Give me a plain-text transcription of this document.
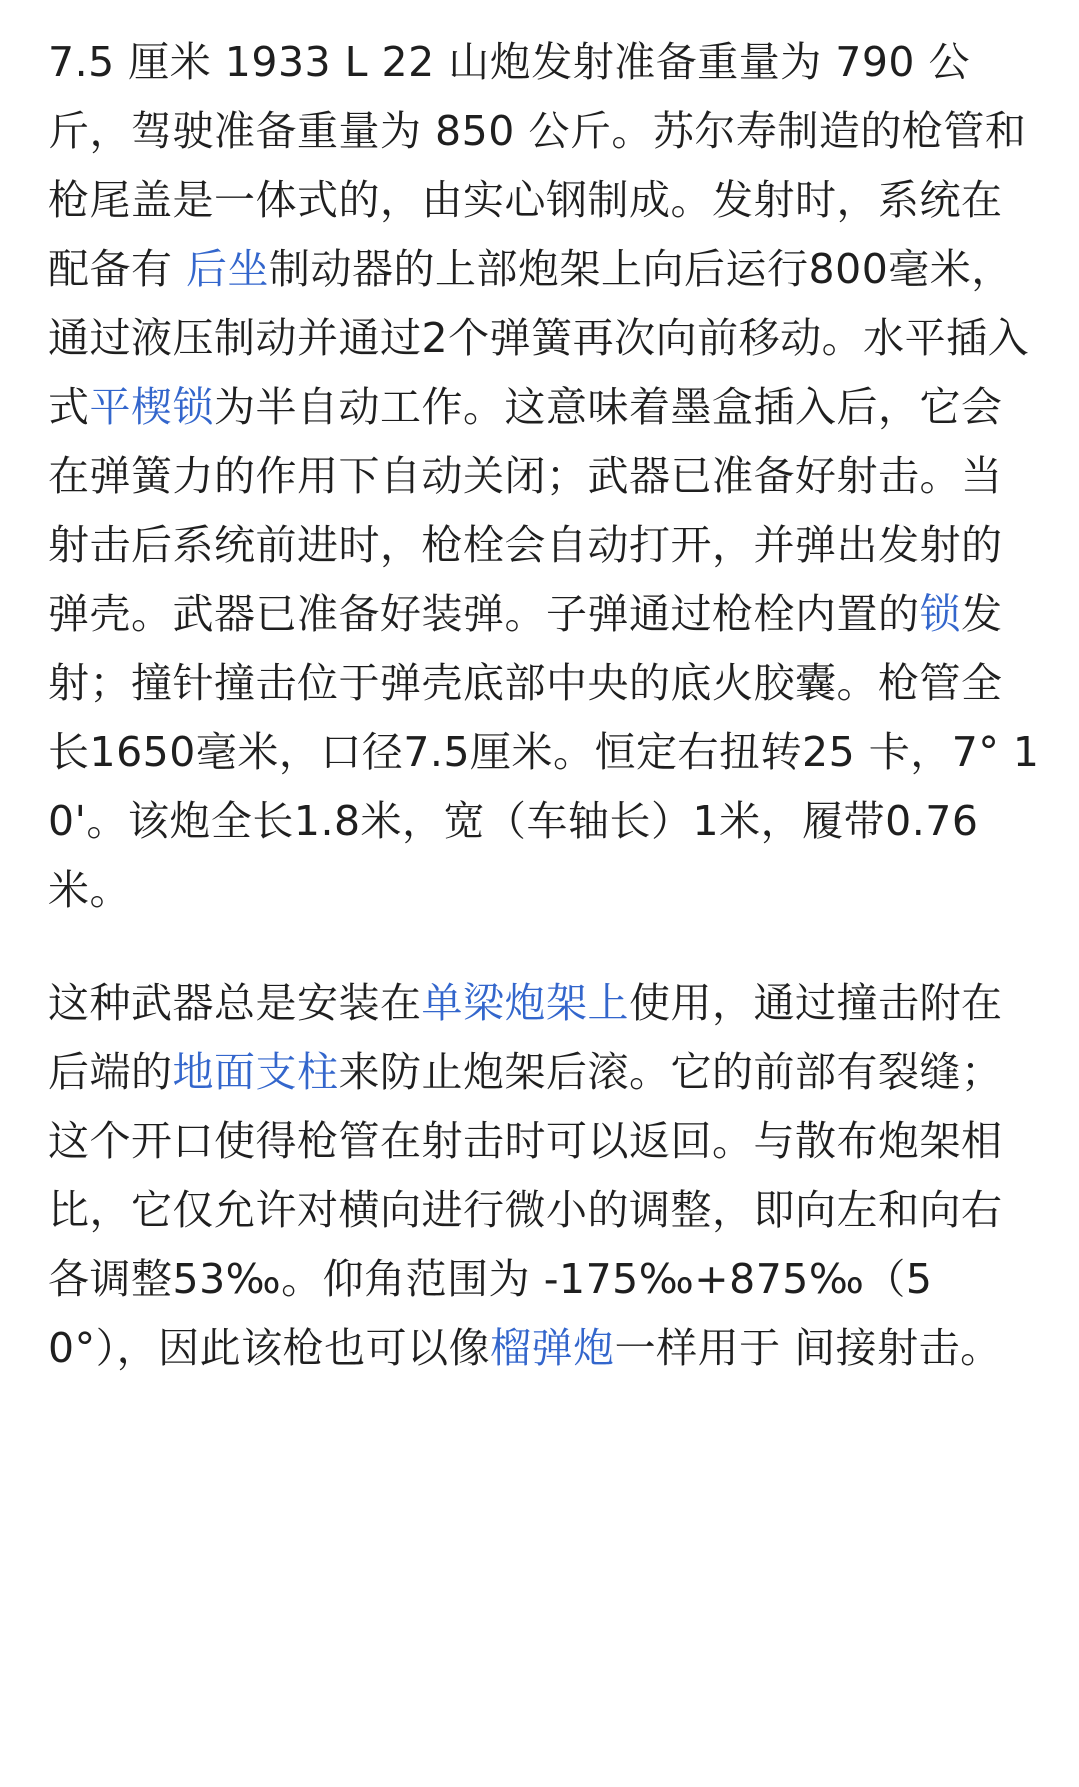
7.5 厘米 1933 L 22 山炮发射准备重量为 790 公斤，驾驶准备重量为 850 公斤。苏尔寿制造的枪管和枪尾盖是一体式的，由实心钢制成。发射时，系统在配备有 后坐制动器的上部炮架上向后运行800毫米，通过液压制动并通过2个弹簧再次向前移动。水平插入式平楔锁为半自动工作。这意味着墨盒插入后，它会在弹簧力的作用下自动关闭；武器已准备好射击。当射击后系统前进时，枪栓会自动打开，并弹出发射的弹壳。武器已准备好装弹。子弹通过枪栓内置的锁发射；撞针撞击位于弹壳底部中央的底火胶囊。枪管全长1650毫米，口径7.5厘米。恒定右扭转25 卡，7° 10'。该炮全长1.8米，宽（车轴长）1米，履带0.76米。

这种武器总是安装在单梁炮架上使用，通过撞击附在后端的地面支柱来防止炮架后滚。它的前部有裂缝；这个开口使得枪管在射击时可以返回。与散布炮架相比，它仅允许对横向进行微小的调整，即向左和向右各调整53‰。仰角范围为 -175‰+875‰（50°），因此该枪也可以像榴弹炮一样用于 间接射击。
